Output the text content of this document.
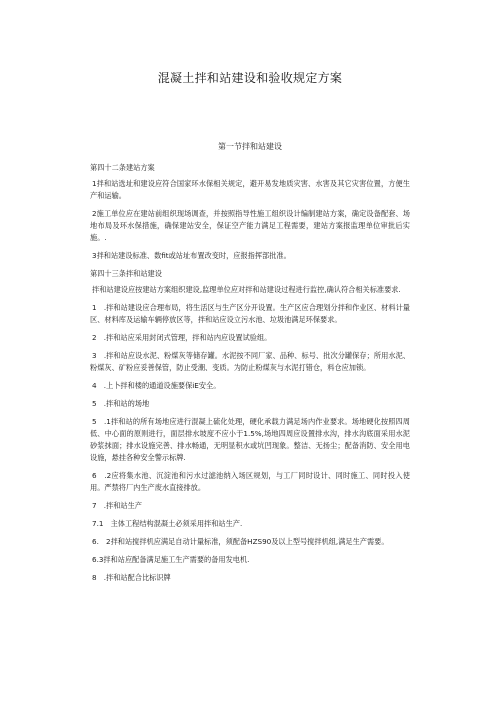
混凝土拌和站建设和验收规定方案
第一节拌和站建设

第四十二条建站方案

1拌和站选址和建设应符合国家环水保相关规定，避开易发地质灾害、水害及其它灾害位置，方便生产和运输。

2施工单位应在建站前组织现场调查，并按照指导性施工组织设计编制建站方案，确定设备配套、场地布局及环水保措施，确保建站安全，保证空产能力满足工程需要，建站方案报监理单位审批后实施。.

3拌和站建设标准、数fit或站址布置改变时，应报指挥部批准。

第四十三条拌和站建设

拌和站建设应按建站方案组织建设,监理单位应对拌和站建设过程进行监控,确认符合相关标准要求.

1　.拌和站建设应合理布局，将生活区与生产区分开设置。生产区应合理划分拌和作业区、材料计量区、材料库及运输车辆停放区等，拌和站应设立污水池、垃圾池满足环保要求。

2　.拌和站应采用封闭式管理，拌和站内应设置试验组。

3　.拌和站应设水泥、粉煤灰等储存罐。水泥按不同厂家、品种、标号、批次分罐保存；所用水泥、粉煤灰、矿粉应妥善保管，防止受潮、变质。为防止粉煤灰与水泥打错仓，料仓应加锁。

4　.上卜拌和楼的通道设施要保iE安全。

5　.拌和站的场地

5　.1拌和站的所有场地应进行混凝上硫化处理，硬化承载力满足场内作业要求。场地硬化按照四周低、中心面的原则进行，面层排水坡度不应小于1.5%,场地四周应设置排水沟，排水沟底面采用水泥砂浆抹面；排水设施完善、排水畅通，无明显积水或坑凹现象。整洁、无扬尘；配备消防、安全用电设施，悬挂各种安全警示标牌.

6　.2应将集水池、沉淀池和污水过滤池纳入场区规划，与工厂同时设计、同时施工、同时投入使用。严禁将厂内生产废水直接排放。

7　.拌和站生产

7.1　主体工程结构混凝土必须采用拌和站生产.

6.　2拌和站搅拌机应满足自动计量标准，须配备HZS90及以上型号搅拌机组,满足生产需要。

6.3拌和站应配备满足施工生产需要的备用发电机.

8　.拌和站配合比标识牌
